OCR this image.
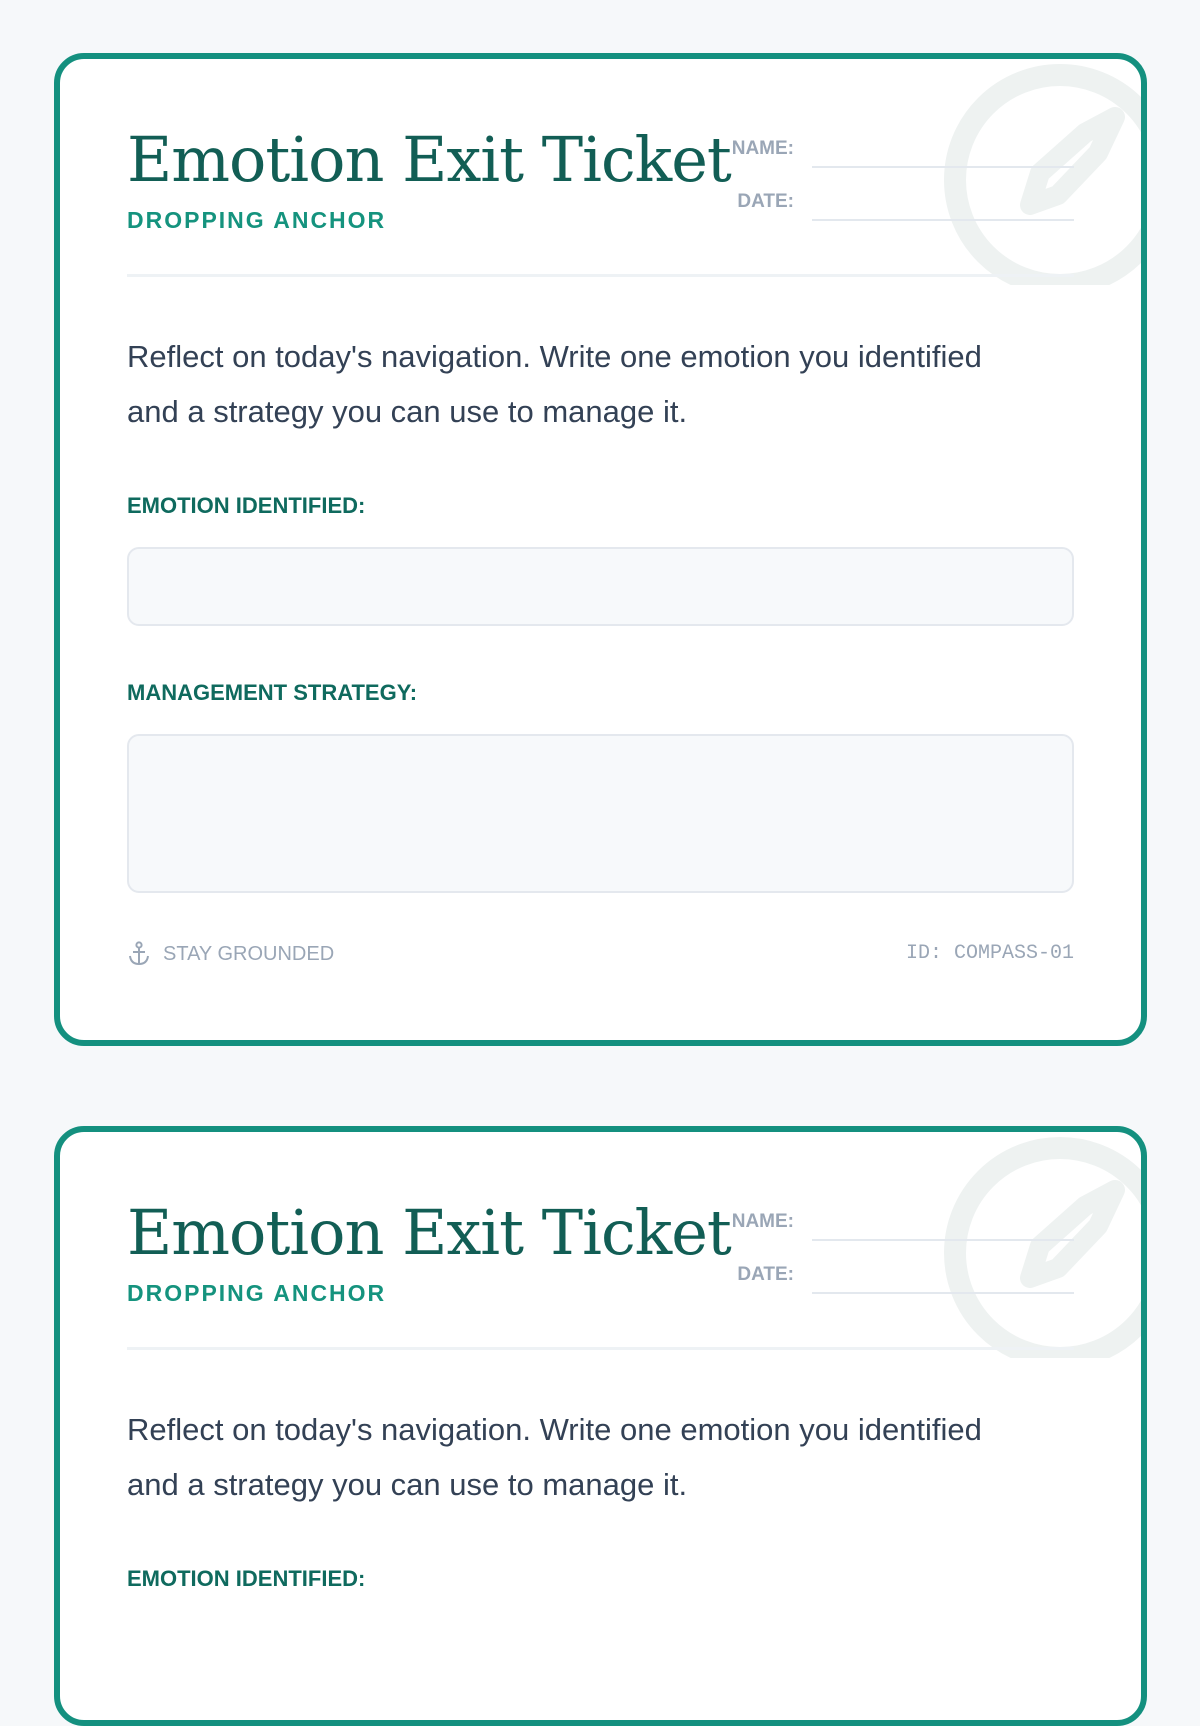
Emotion Exit Ticket
DROPPING ANCHOR
NAME:
DATE:
Reflect on today's navigation. Write one emotion you identified and a strategy you can use to manage it.
EMOTION IDENTIFIED:
MANAGEMENT STRATEGY:
STAY GROUNDED	ID: COMPASS-01
Emotion Exit Ticket
DROPPING ANCHOR
NAME:
DATE:
Reflect on today's navigation. Write one emotion you identified and a strategy you can use to manage it.
EMOTION IDENTIFIED:
